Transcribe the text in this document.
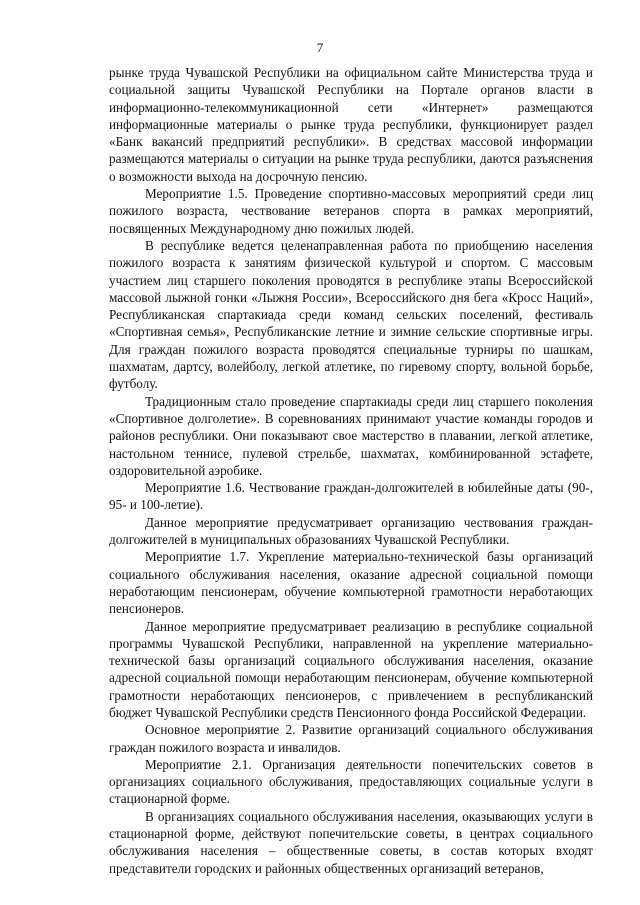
7

рынке труда Чувашской Республики на официальном сайте Министерства труда и социальной защиты Чувашской Республики на Портале органов власти в информационно-телекоммуникационной сети «Интернет» размещаются информационные материалы о рынке труда республики, функционирует раздел «Банк вакансий предприятий республики». В средствах массовой информации размещаются материалы о ситуации на рынке труда республики, даются разъяснения о возможности выхода на досрочную пенсию.

Мероприятие 1.5. Проведение спортивно-массовых мероприятий среди лиц пожилого возраста, чествование ветеранов спорта в рамках мероприятий, посвященных Международному дню пожилых людей.

В республике ведется целенаправленная работа по приобщению населения пожилого возраста к занятиям физической культурой и спортом. С массовым участием лиц старшего поколения проводятся в республике этапы Всероссийской массовой лыжной гонки «Лыжня России», Всероссийского дня бега «Кросс Наций», Республиканская спартакиада среди команд сельских поселений, фестиваль «Спортивная семья», Республиканские летние и зимние сельские спортивные игры. Для граждан пожилого возраста проводятся специальные турниры по шашкам, шахматам, дартсу, волейболу, легкой атлетике, по гиревому спорту, вольной борьбе, футболу.

Традиционным стало проведение спартакиады среди лиц старшего поколения «Спортивное долголетие». В соревнованиях принимают участие команды городов и районов республики. Они показывают свое мастерство в плавании, легкой атлетике, настольном теннисе, пулевой стрельбе, шахматах, комбинированной эстафете, оздоровительной аэробике.

Мероприятие 1.6. Чествование граждан-долгожителей в юбилейные даты (90-, 95- и 100-летие).

Данное мероприятие предусматривает организацию чествования граждан-долгожителей в муниципальных образованиях Чувашской Республики.

Мероприятие 1.7. Укрепление материально-технической базы организаций социального обслуживания населения, оказание адресной социальной помощи неработающим пенсионерам, обучение компьютерной грамотности неработающих пенсионеров.

Данное мероприятие предусматривает реализацию в республике социальной программы Чувашской Республики, направленной на укрепление материально-технической базы организаций социального обслуживания населения, оказание адресной социальной помощи неработающим пенсионерам, обучение компьютерной грамотности неработающих пенсионеров, с привлечением в республиканский бюджет Чувашской Республики средств Пенсионного фонда Российской Федерации.

Основное мероприятие 2. Развитие организаций социального обслуживания граждан пожилого возраста и инвалидов.

Мероприятие 2.1. Организация деятельности попечительских советов в организациях социального обслуживания, предоставляющих социальные услуги в стационарной форме.

В организациях социального обслуживания населения, оказывающих услуги в стационарной форме, действуют попечительские советы, в центрах социального обслуживания населения – общественные советы, в состав которых входят представители городских и районных общественных организаций ветеранов,
